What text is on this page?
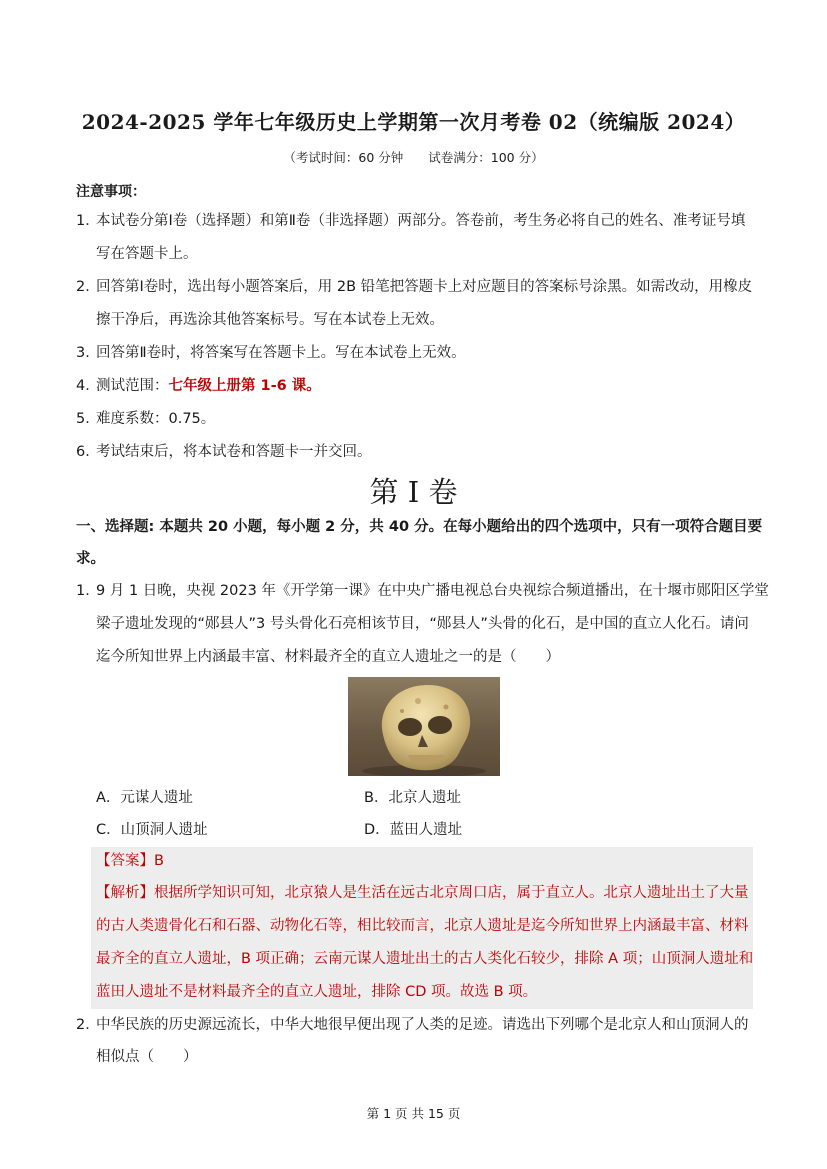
2024-2025 学年七年级历史上学期第一次月考卷 02（统编版 2024）
（考试时间：60 分钟　　试卷满分：100 分）
注意事项：
1．本试卷分第Ⅰ卷（选择题）和第Ⅱ卷（非选择题）两部分。答卷前，考生务必将自己的姓名、准考证号填
写在答题卡上。
2．回答第Ⅰ卷时，选出每小题答案后，用 2B 铅笔把答题卡上对应题目的答案标号涂黑。如需改动，用橡皮
擦干净后，再选涂其他答案标号。写在本试卷上无效。
3．回答第Ⅱ卷时，将答案写在答题卡上。写在本试卷上无效。
4．测试范围：七年级上册第 1-6 课。
5．难度系数：0.75。
6．考试结束后，将本试卷和答题卡一并交回。
第 I 卷
一、选择题: 本题共 20 小题，每小题 2 分，共 40 分。在每小题给出的四个选项中，只有一项符合题目要
求。
1．9 月 1 日晚，央视 2023 年《开学第一课》在中央广播电视总台央视综合频道播出，在十堰市郧阳区学堂
梁子遗址发现的“郧县人”3 号头骨化石亮相该节目，“郧县人”头骨的化石，是中国的直立人化石。请问
迄今所知世界上内涵最丰富、材料最齐全的直立人遗址之一的是（　　）
A．元谋人遗址	B．北京人遗址
C．山顶洞人遗址	D．蓝田人遗址
【答案】B
【解析】根据所学知识可知，北京猿人是生活在远古北京周口店，属于直立人。北京人遗址出土了大量
的古人类遗骨化石和石器、动物化石等，相比较而言，北京人遗址是迄今所知世界上内涵最丰富、材料
最齐全的直立人遗址，B 项正确；云南元谋人遗址出土的古人类化石较少，排除 A 项；山顶洞人遗址和
蓝田人遗址不是材料最齐全的直立人遗址，排除 CD 项。故选 B 项。
2．中华民族的历史源远流长，中华大地很早便出现了人类的足迹。请选出下列哪个是北京人和山顶洞人的
相似点（　　）
第 1 页 共 15 页
